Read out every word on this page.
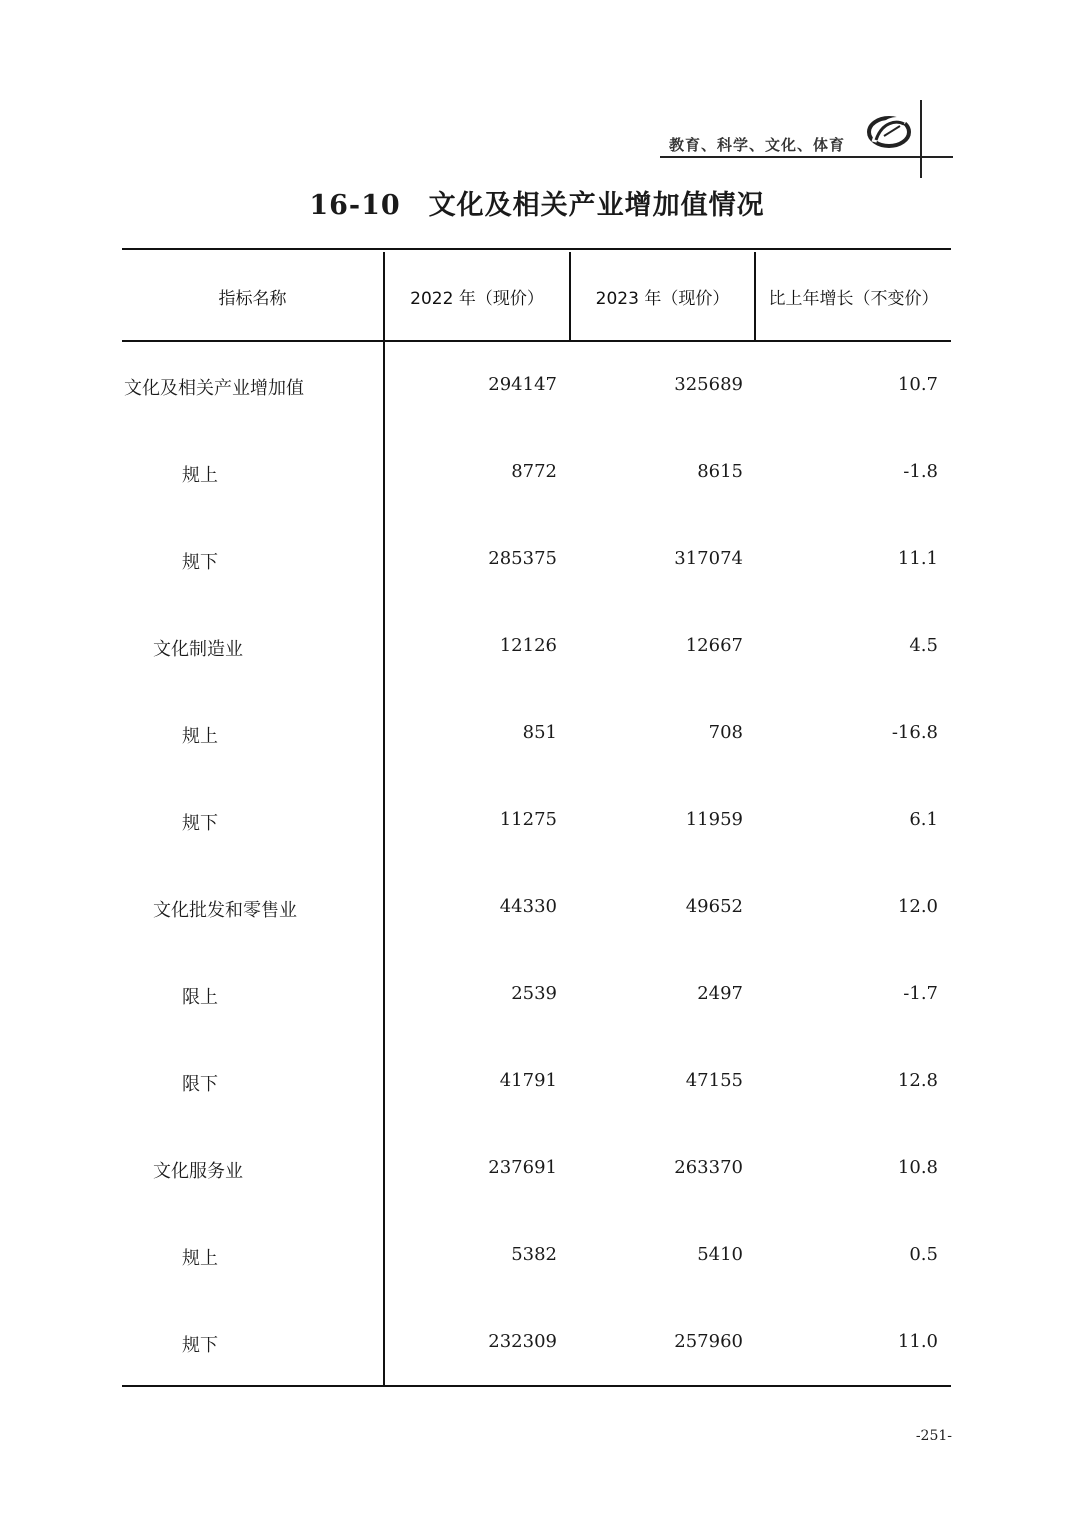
教育、科学、文化、体育
16-10 文化及相关产业增加值情况
指标名称	2022 年（现价）	2023 年（现价）	比上年增长（不变价）
文化及相关产业增加值	294147	325689	10.7
规上	8772	8615	-1.8
规下	285375	317074	11.1
文化制造业	12126	12667	4.5
规上	851	708	-16.8
规下	11275	11959	6.1
文化批发和零售业	44330	49652	12.0
限上	2539	2497	-1.7
限下	41791	47155	12.8
文化服务业	237691	263370	10.8
规上	5382	5410	0.5
规下	232309	257960	11.0
-251-
